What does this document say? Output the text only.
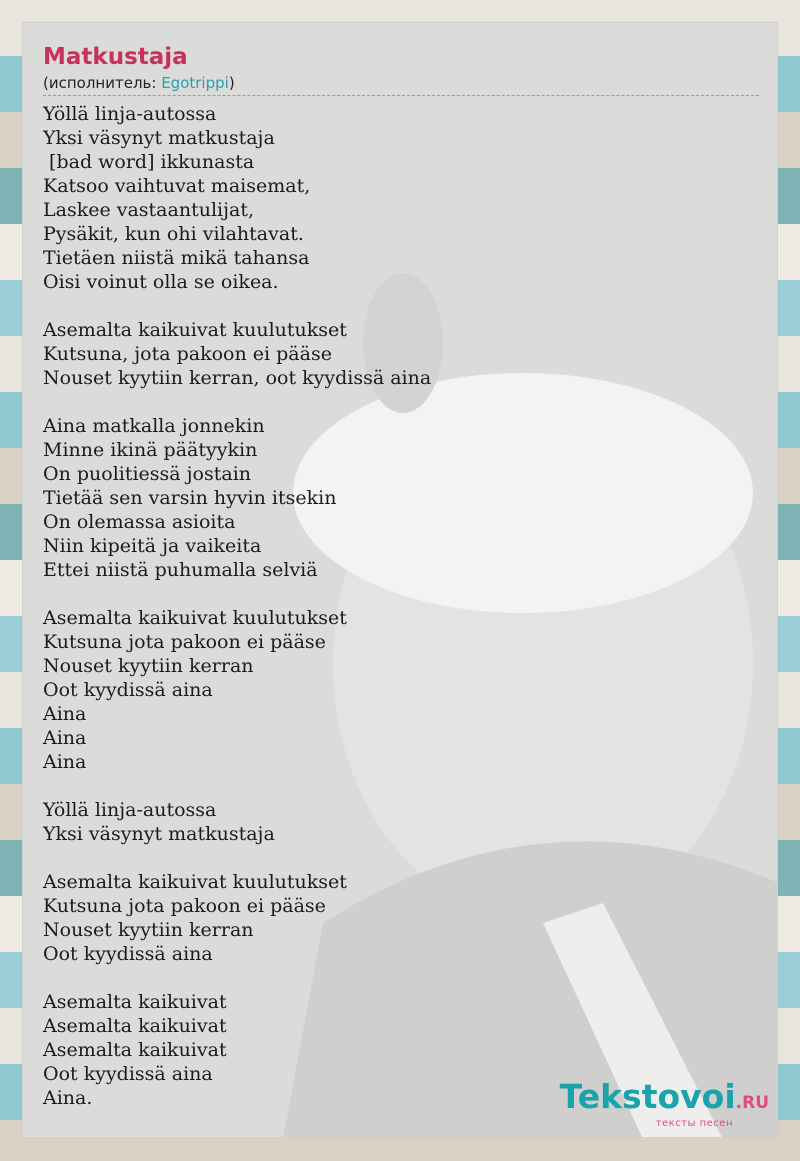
Matkustaja
(исполнитель: Egotrippi)
Yöllä linja-autossa
Yksi väsynyt matkustaja
[bad word] ikkunasta
Katsoo vaihtuvat maisemat,
Laskee vastaantulijat,
Pysäkit, kun ohi vilahtavat.
Tietäen niistä mikä tahansa
Oisi voinut olla se oikea.
Asemalta kaikuivat kuulutukset
Kutsuna, jota pakoon ei pääse
Nouset kyytiin kerran, oot kyydissä aina
Aina matkalla jonnekin
Minne ikinä päätyykin
On puolitiessä jostain
Tietää sen varsin hyvin itsekin
On olemassa asioita
Niin kipeitä ja vaikeita
Ettei niistä puhumalla selviä
Asemalta kaikuivat kuulutukset
Kutsuna jota pakoon ei pääse
Nouset kyytiin kerran
Oot kyydissä aina
Aina
Aina
Aina
Yöllä linja-autossa
Yksi väsynyt matkustaja
Asemalta kaikuivat kuulutukset
Kutsuna jota pakoon ei pääse
Nouset kyytiin kerran
Oot kyydissä aina
Asemalta kaikuivat
Asemalta kaikuivat
Asemalta kaikuivat
Oot kyydissä aina
Aina.	Tekstovoi.RU
тексты песен
